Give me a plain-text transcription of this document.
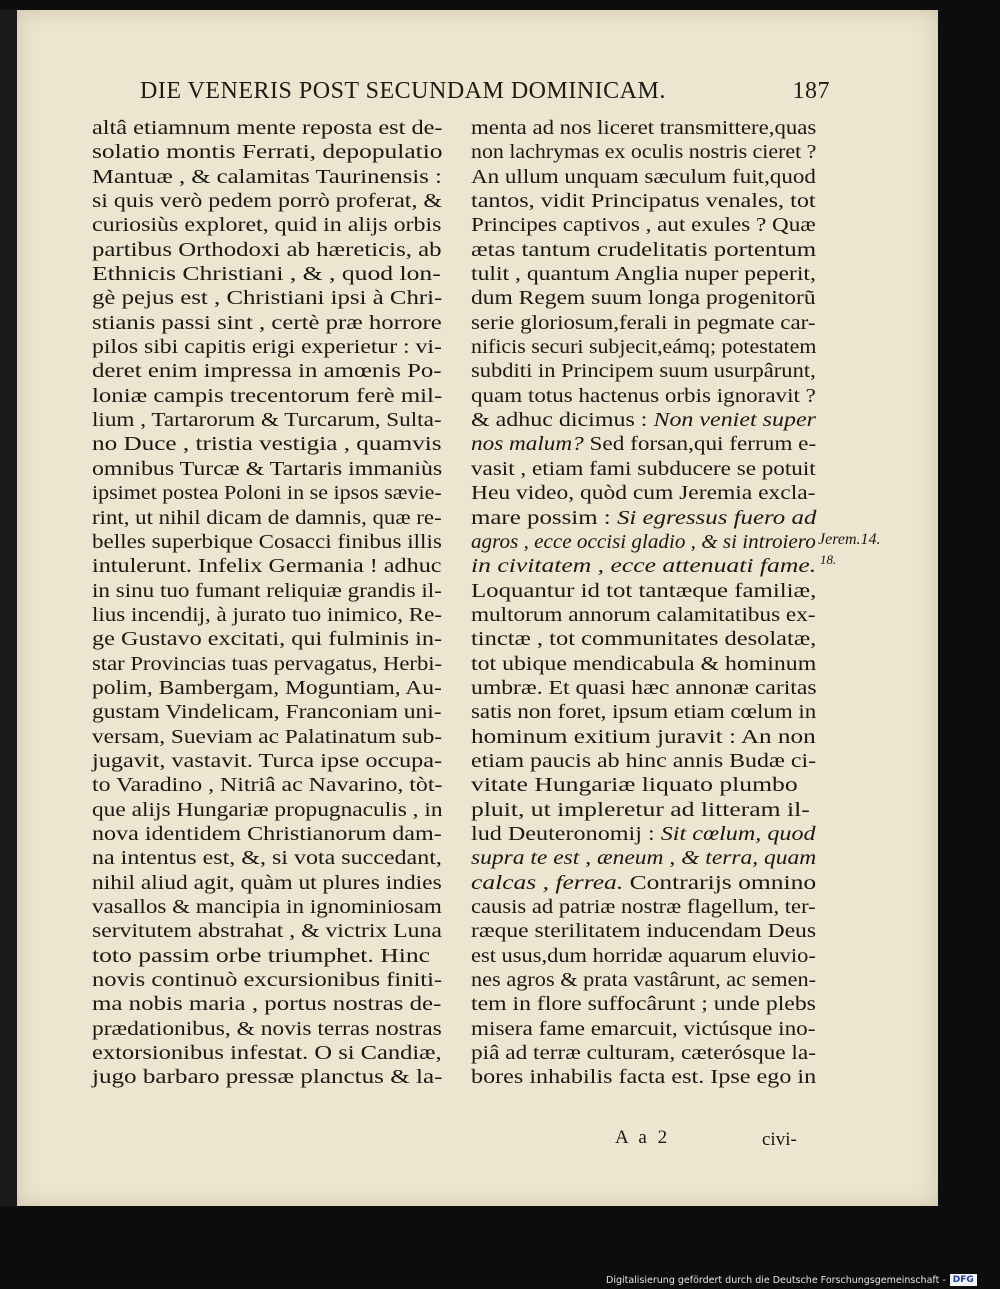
DIE VENERIS POST SECUNDAM DOMINICAM.	187
altâ etiamnum mente reposta est de-
solatio montis Ferrati, depopulatio
Mantuæ , & calamitas Taurinensis :
si quis verò pedem porrò proferat, &
curiosiùs exploret, quid in alijs orbis
partibus Orthodoxi ab hæreticis, ab
Ethnicis Christiani , & , quod lon-
gè pejus est , Christiani ipsi à Chri-
stianis passi sint , certè præ horrore
pilos sibi capitis erigi experietur : vi-
deret enim impressa in amœnis Po-
loniæ campis trecentorum ferè mil-
lium , Tartarorum & Turcarum, Sulta-
no Duce , tristia vestigia , quamvis
omnibus Turcæ & Tartaris immaniùs
ipsimet postea Poloni in se ipsos sævie-
rint, ut nihil dicam de damnis, quæ re-
belles superbique Cosacci finibus illis
intulerunt. Infelix Germania ! adhuc
in sinu tuo fumant reliquiæ grandis il-
lius incendij, à jurato tuo inimico, Re-
ge Gustavo excitati, qui fulminis in-
star Provincias tuas pervagatus, Herbi-
polim, Bambergam, Moguntiam, Au-
gustam Vindelicam, Franconiam uni-
versam, Sueviam ac Palatinatum sub-
jugavit, vastavit. Turca ipse occupa-
to Varadino , Nitriâ ac Navarino, tòt-
que alijs Hungariæ propugnaculis , in
nova identidem Christianorum dam-
na intentus est, &, si vota succedant,
nihil aliud agit, quàm ut plures indies
vasallos & mancipia in ignominiosam
servitutem abstrahat , & victrix Luna
toto passim orbe triumphet. Hinc
novis continuò excursionibus finiti-
ma nobis maria , portus nostras de-
prædationibus, & novis terras nostras
extorsionibus infestat. O si Candiæ,
jugo barbaro pressæ planctus & la-
menta ad nos liceret transmittere,quas
non lachrymas ex oculis nostris cieret ?
An ullum unquam sæculum fuit,quod
tantos, vidit Principatus venales, tot
Principes captivos , aut exules ? Quæ
ætas tantum crudelitatis portentum
tulit , quantum Anglia nuper peperit,
dum Regem suum longa progenitorũ
serie gloriosum,ferali in pegmate car-
nificis securi subjecit,eámq; potestatem
subditi in Principem suum usurpârunt,
quam totus hactenus orbis ignoravit ?
& adhuc dicimus : Non veniet super
nos malum? Sed forsan,qui ferrum e-
vasit , etiam fami subducere se potuit
Heu video, quòd cum Jeremia excla-
mare possim : Si egressus fuero ad
agros , ecce occisi gladio , & si introiero
in civitatem , ecce attenuati fame.
Loquantur id tot tantæque familiæ,
multorum annorum calamitatibus ex-
tinctæ , tot communitates desolatæ,
tot ubique mendicabula & hominum
umbræ. Et quasi hæc annonæ caritas
satis non foret, ipsum etiam cœlum in
hominum exitium juravit : An non
etiam paucis ab hinc annis Budæ ci-
vitate Hungariæ liquato plumbo
pluit, ut impleretur ad litteram il-
lud Deuteronomij : Sit cœlum, quod
supra te est , æneum , & terra, quam
calcas , ferrea. Contrarijs omnino
causis ad patriæ nostræ flagellum, ter-
ræque sterilitatem inducendam Deus
est usus,dum horridæ aquarum eluvio-
nes agros & prata vastârunt, ac semen-
tem in flore suffocârunt ; unde plebs
misera fame emarcuit, victúsque ino-
piâ ad terræ culturam, cæterósque la-
bores inhabilis facta est. Ipse ego in
Jerem.14.
18.
A a 2	civi-
Digitalisierung gefördert durch die Deutsche Forschungsgemeinschaft - DFG
